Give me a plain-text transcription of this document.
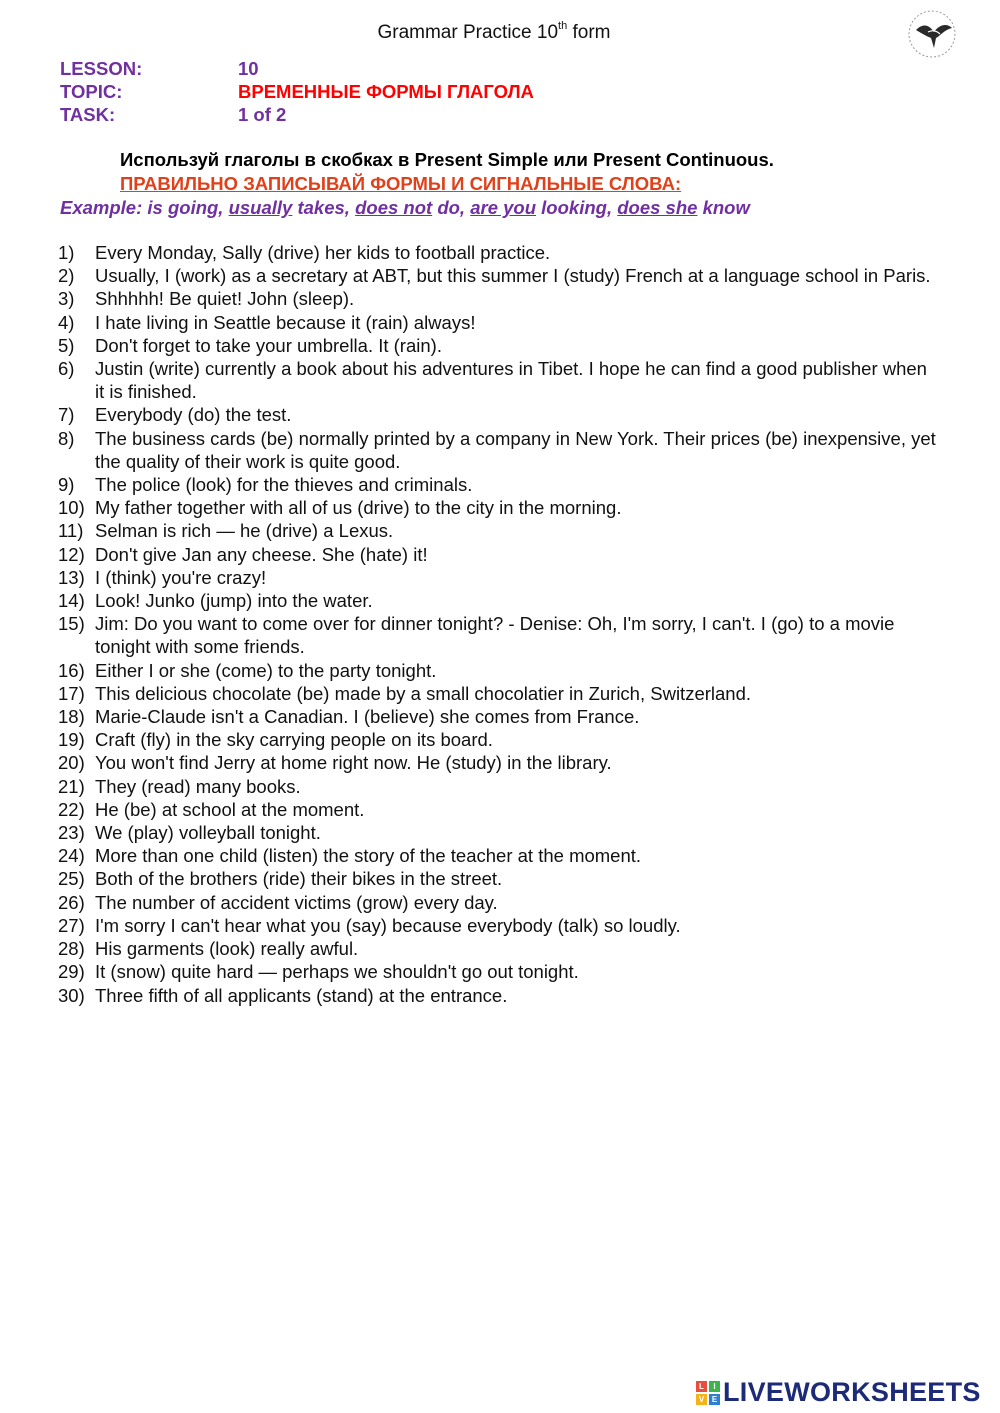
Grammar Practice 10th form
LESSON:	10
TOPIC:	ВРЕМЕННЫЕ ФОРМЫ ГЛАГОЛА
TASK:	1 of 2
Используй глаголы в скобках в Present Simple или Present Continuous.
ПРАВИЛЬНО ЗАПИСЫВАЙ ФОРМЫ И СИГНАЛЬНЫЕ СЛОВА:
Example: is going, usually takes, does not do, are you looking, does she know
1)	Every Monday, Sally (drive) her kids to football practice.
2)	Usually, I (work) as a secretary at ABT, but this summer I (study) French at a language school in Paris.
3)	Shhhhh! Be quiet! John (sleep).
4)	I hate living in Seattle because it (rain) always!
5)	Don't forget to take your umbrella. It (rain).
6)	Justin (write) currently a book about his adventures in Tibet. I hope he can find a good publisher when it is finished.
7)	Everybody (do) the test.
8)	The business cards (be) normally printed by a company in New York. Their prices (be) inexpensive, yet the quality of their work is quite good.
9)	The police (look) for the thieves and criminals.
10) My father together with all of us (drive) to the city in the morning.
11) Selman is rich — he (drive) a Lexus.
12) Don't give Jan any cheese. She (hate) it!
13) I (think) you're crazy!
14) Look! Junko (jump) into the water.
15) Jim: Do you want to come over for dinner tonight? - Denise: Oh, I'm sorry, I can't. I (go) to a movie tonight with some friends.
16) Either I or she (come) to the party tonight.
17) This delicious chocolate (be) made by a small chocolatier in Zurich, Switzerland.
18) Marie-Claude isn't a Canadian. I (believe) she comes from France.
19) Craft (fly) in the sky carrying people on its board.
20) You won't find Jerry at home right now. He (study) in the library.
21) They (read) many books.
22) He (be) at school at the moment.
23) We (play) volleyball tonight.
24) More than one child (listen) the story of the teacher at the moment.
25) Both of the brothers (ride) their bikes in the street.
26) The number of accident victims (grow) every day.
27) I'm sorry I can't hear what you (say) because everybody (talk) so loudly.
28) His garments (look) really awful.
29) It (snow) quite hard — perhaps we shouldn't go out tonight.
30) Three fifth of all applicants (stand) at the entrance.
L	I
V E LIVEWORKSHEETS
